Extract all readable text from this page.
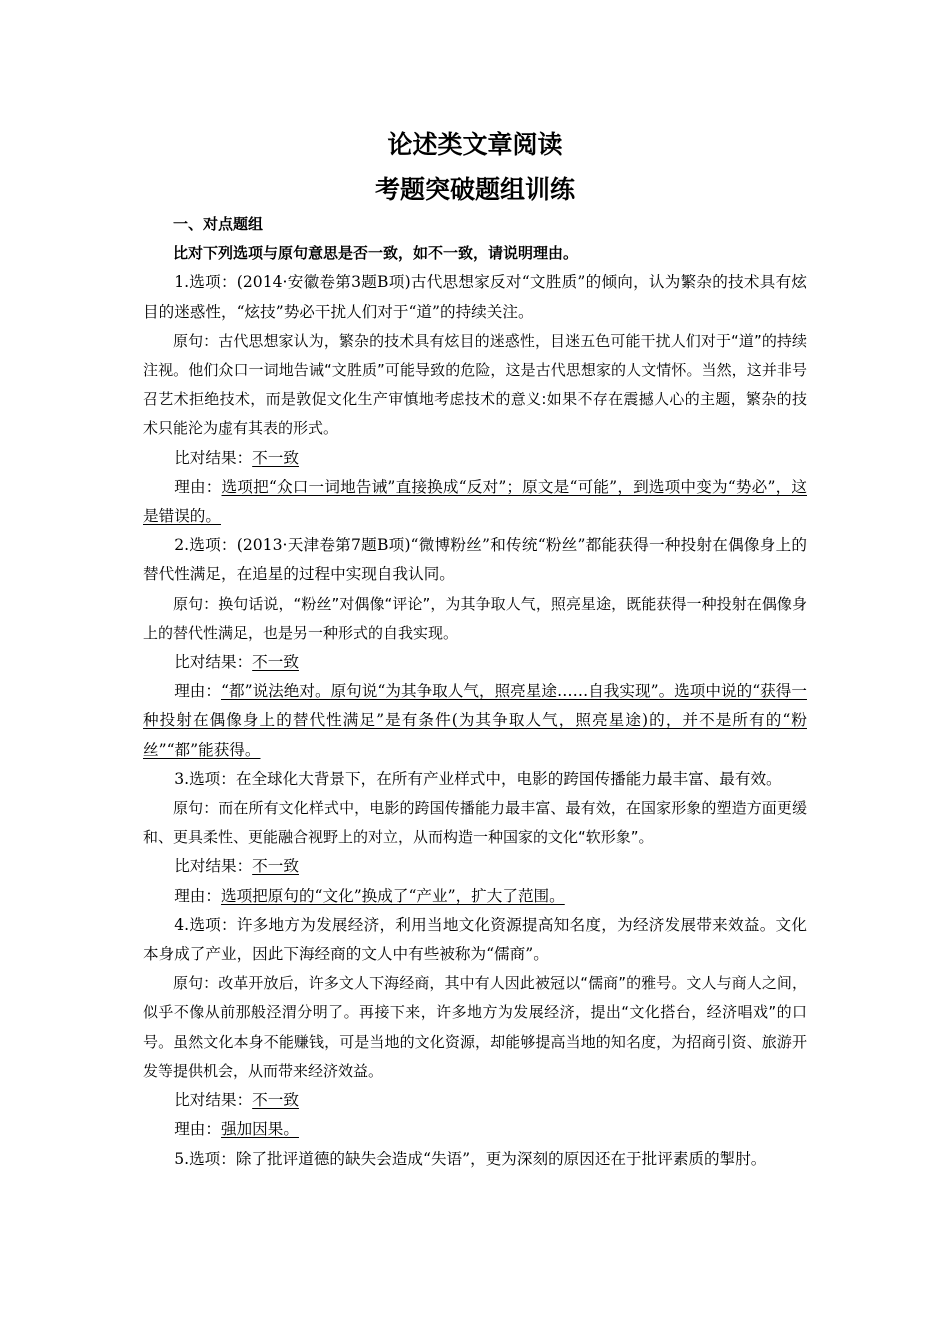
论述类文章阅读
考题突破题组训练

一、对点题组

比对下列选项与原句意思是否一致，如不一致，请说明理由。

1.选项：(2014·安徽卷第3题B项)古代思想家反对“文胜质”的倾向，认为繁杂的技术具有炫目的迷惑性，“炫技”势必干扰人们对于“道”的持续关注。

原句：古代思想家认为，繁杂的技术具有炫目的迷惑性，目迷五色可能干扰人们对于“道”的持续注视。他们众口一词地告诫“文胜质”可能导致的危险，这是古代思想家的人文情怀。当然，这并非号召艺术拒绝技术，而是敦促文化生产审慎地考虑技术的意义:如果不存在震撼人心的主题，繁杂的技术只能沦为虚有其表的形式。

比对结果：不一致

理由：选项把“众口一词地告诫”直接换成“反对”；原文是“可能”，到选项中变为“势必”，这是错误的。

2.选项：(2013·天津卷第7题B项)“微博粉丝”和传统“粉丝”都能获得一种投射在偶像身上的替代性满足，在追星的过程中实现自我认同。

原句：换句话说，“粉丝”对偶像“评论”，为其争取人气，照亮星途，既能获得一种投射在偶像身上的替代性满足，也是另一种形式的自我实现。

比对结果：不一致

理由：“都”说法绝对。原句说“为其争取人气，照亮星途……自我实现”。选项中说的“获得一种投射在偶像身上的替代性满足”是有条件(为其争取人气，照亮星途)的，并不是所有的“粉丝”“都”能获得。

3.选项：在全球化大背景下，在所有产业样式中，电影的跨国传播能力最丰富、最有效。

原句：而在所有文化样式中，电影的跨国传播能力最丰富、最有效，在国家形象的塑造方面更缓和、更具柔性、更能融合视野上的对立，从而构造一种国家的文化“软形象”。

比对结果：不一致

理由：选项把原句的“文化”换成了“产业”，扩大了范围。

4.选项：许多地方为发展经济，利用当地文化资源提高知名度，为经济发展带来效益。文化本身成了产业，因此下海经商的文人中有些被称为“儒商”。

原句：改革开放后，许多文人下海经商，其中有人因此被冠以“儒商”的雅号。文人与商人之间，似乎不像从前那般泾渭分明了。再接下来，许多地方为发展经济，提出“文化搭台，经济唱戏”的口号。虽然文化本身不能赚钱，可是当地的文化资源，却能够提高当地的知名度，为招商引资、旅游开发等提供机会，从而带来经济效益。

比对结果：不一致

理由：强加因果。

5.选项：除了批评道德的缺失会造成“失语”，更为深刻的原因还在于批评素质的掣肘。
